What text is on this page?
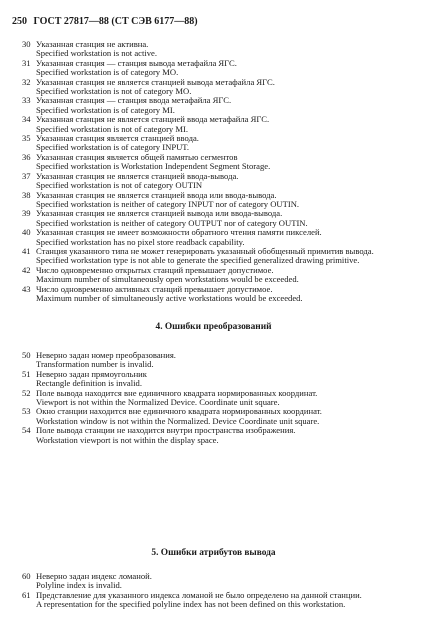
250 ГОСТ 27817—88 (СТ СЭВ 6177—88)
30 Указанная станция не активна.
Specified workstation is not active.
31 Указанная станция — станция вывода метафайла ЯГС.
Specified workstation is of category MO.
32 Указанная станция не является станцией вывода метафайла ЯГС.
Specified workstation is not of category MO.
33 Указанная станция — станция ввода метафайла ЯГС.
Specified workstation is of category MI.
34 Указанная станция не является станцией ввода метафайла ЯГС.
Specified workstation is not of category MI.
35 Указанная станция является станцией ввода.
Specified workstation is of category INPUT.
36 Указанная станция является общей памятью сегментов
Specified workstation is Workstation Independent Segment Storage.
37 Указанная станция не является станцией ввода-вывода.
Specified workstation is not of category OUTIN
38 Указанная станция не является станцией ввода или ввода-вывода.
Specified workstation is neither of category INPUT nor of category OUTIN.
39 Указанная станция не является станцией вывода или ввода-вывода.
Specified workstation is neither of category OUTPUT nor of category OUTIN.
40 Указанная станция не имеет возможности обратного чтения памяти пикселей.
Specified workstation has no pixel store readback capability.
41 Станция указанного типа не может генерировать указанный обобщенный примитив вывода.
Specified workstation type is not able to generate the specified generalized drawing primitive.
42 Число одновременно открытых станций превышает допустимое.
Maximum number of simultaneously open workstations would be exceeded.
43 Число одновременно активных станций превышает допустимое.
Maximum number of simultaneously active workstations would be exceeded.
4. Ошибки преобразований
50 Неверно задан номер преобразования.
Transformation number is invalid.
51 Неверно задан прямоугольник
Rectangle definition is invalid.
52 Поле вывода находится вне единичного квадрата нормированных координат.
Viewport is not within the Normalized Device. Coordinate unit square.
53 Окно станции находится вне единичного квадрата нормированных координат.
Workstation window is not within the Normalized. Device Coordinate unit square.
54 Поле вывода станции не находится внутри пространства изображения.
Workstation viewport is not within the display space.
5. Ошибки атрибутов вывода
60 Неверно задан индекс ломаной.
Polyline index is invalid.
61 Представление для указанного индекса ломаной не было определено на данной станции.
A representation for the specified polyline index has not been defined on this workstation.
